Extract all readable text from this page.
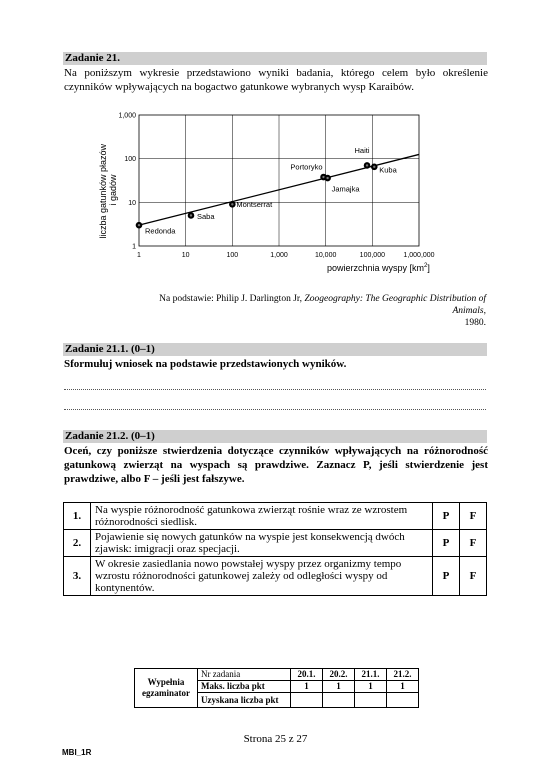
Zadanie 21.
Na poniższym wykresie przedstawiono wyniki badania, którego celem było określenie czynników wpływających na bogactwo gatunkowe wybranych wysp Karaibów.
Redonda
Saba
Montserrat
Portoryko
Jamajka
Haiti
Kuba
1	10	100	1,000	10,000	100,000	1,000,000
1
10
100
1,000
liczba gatunków płazów i gadów
powierzchnia wyspy $[km^2]$
Na podstawie: Philip J. Darlington Jr, Zoogeography: The Geographic Distribution of Animals,
1980.
Zadanie 21.1. (0–1)
Sformułuj wniosek na podstawie przedstawionych wyników.
Zadanie 21.2. (0–1)
Oceń, czy poniższe stwierdzenia dotyczące czynników wpływających na różnorodność gatunkową zwierząt na wyspach są prawdziwe. Zaznacz P, jeśli stwierdzenie jest prawdziwe, albo F – jeśli jest fałszywe.
1.	Na wyspie różnorodność gatunkowa zwierząt rośnie wraz ze wzrostem różnorodności siedlisk.	P	F
2.	Pojawienie się nowych gatunków na wyspie jest konsekwencją dwóch zjawisk: imigracji oraz specjacji.	P	F
3.	W okresie zasiedlania nowo powstałej wyspy przez organizmy tempo wzrostu różnorodności gatunkowej zależy od odległości wyspy od kontynentów.	P	F
Wypełnia egzaminator	Nr zadania	20.1.	20.2.	21.1.	21.2.
	Maks. liczba pkt	1	1	1	1
	Uzyskana liczba pkt				
Strona 25 z 27
MBI_1R
